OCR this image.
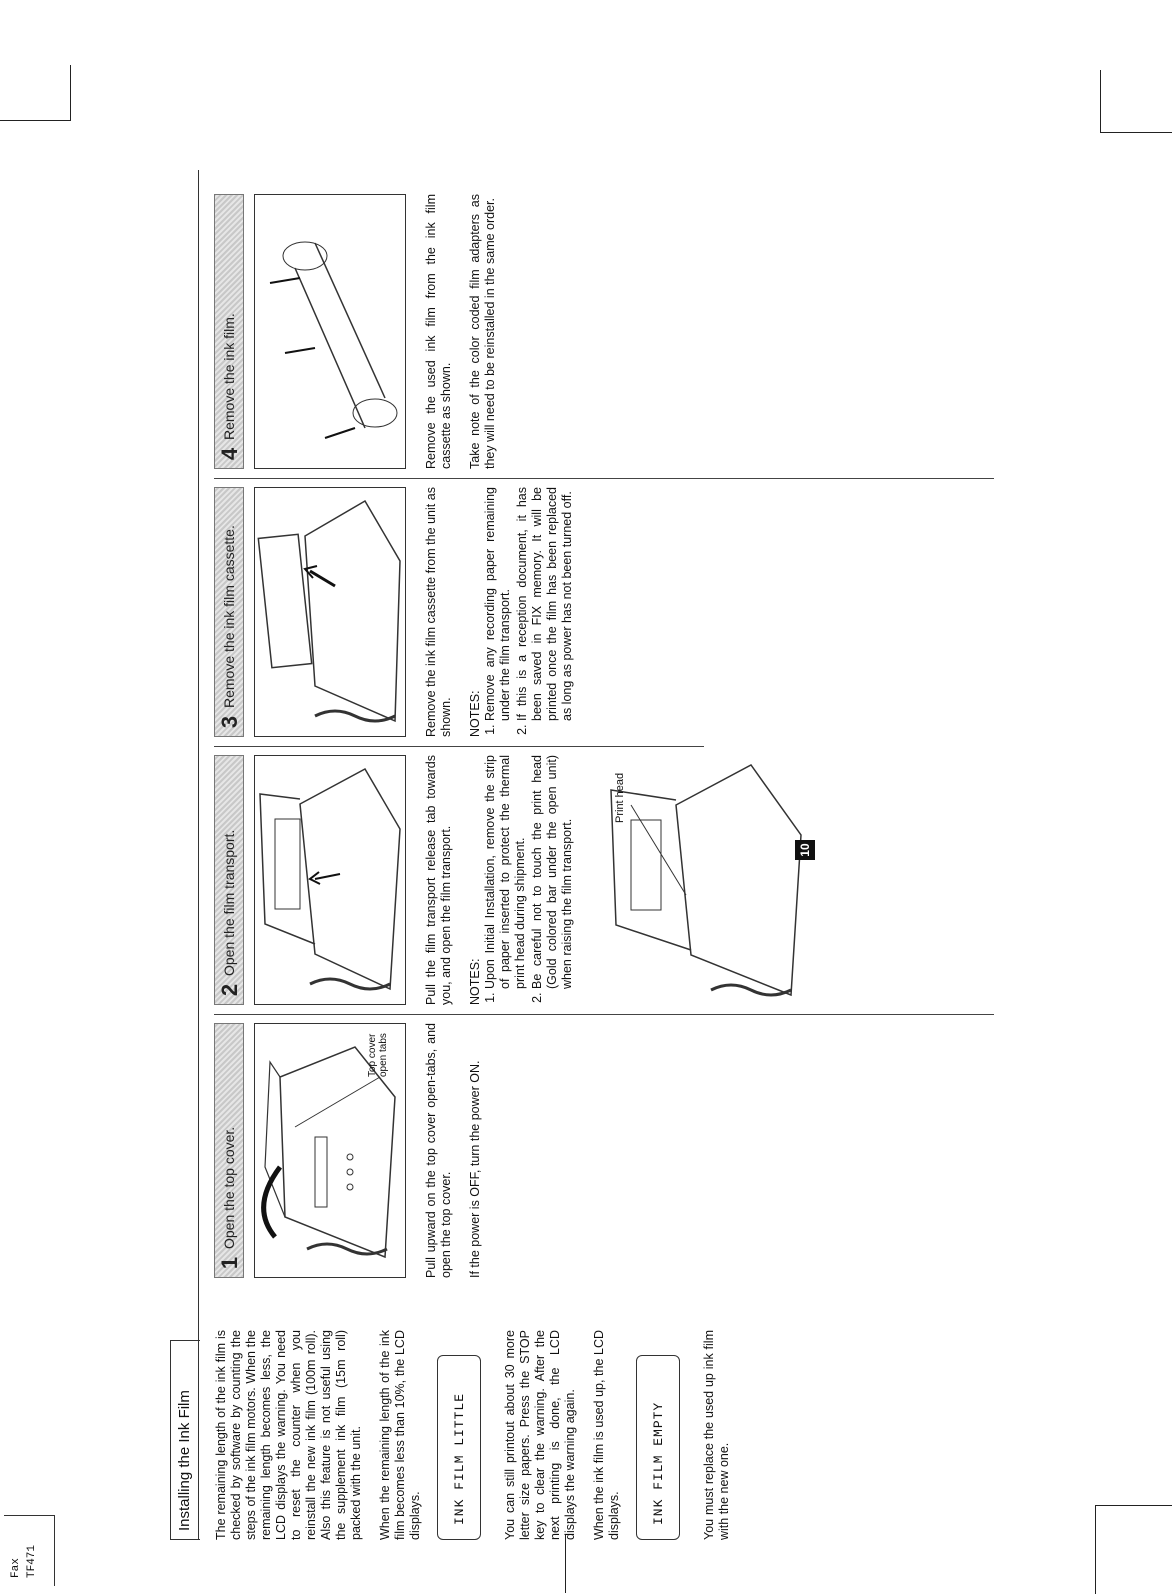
Fax TF471
Installing the Ink Film	The remaining length of the ink film is checked by software by counting the steps of the ink film motors. When the remaining length becomes less, the LCD displays the warning. You need to reset the counter when you reinstall the new ink film (100m roll). Also this feature is not useful using the supplement ink film (15m roll) packed with the unit. When the remaining length of the ink film becomes less than 10%, the LCD displays. INK FILM LITTLE	You can still printout about 30 more letter size papers. Press the STOP key to clear the warning. After the next printing is done, the LCD displays the warning again. When the ink film is used up, the LCD displays. INK FILM EMPTY	You must replace the used up ink film with the new one.

1
Open the top cover.
Top cover open tabs	Pull upward on the top cover open-tabs, and open the top cover. If the power is OFF, turn the power ON.

2
Open the film transport.	Pull the film transport release tab towards you, and open the film transport. NOTES: 1. Upon Initial Installation, remove the strip of paper inserted to protect the thermal print head during shipment. 2. Be careful not to touch the print head (Gold colored bar under the open unit) when raising the film transport.
Print head
3
Remove the ink film cassette.	Remove the ink film cassette from the unit as shown. NOTES: 1. Remove any recording paper remaining under the film transport. 2. If this is a reception document, it has been saved in FIX memory. It will be printed once the film has been replaced as long as power has not been turned off.
4
Remove the ink film.	Remove the used ink film from the ink film cassette as shown. Take note of the color coded film adapters as they will need to be reinstalled in the same order.

10
